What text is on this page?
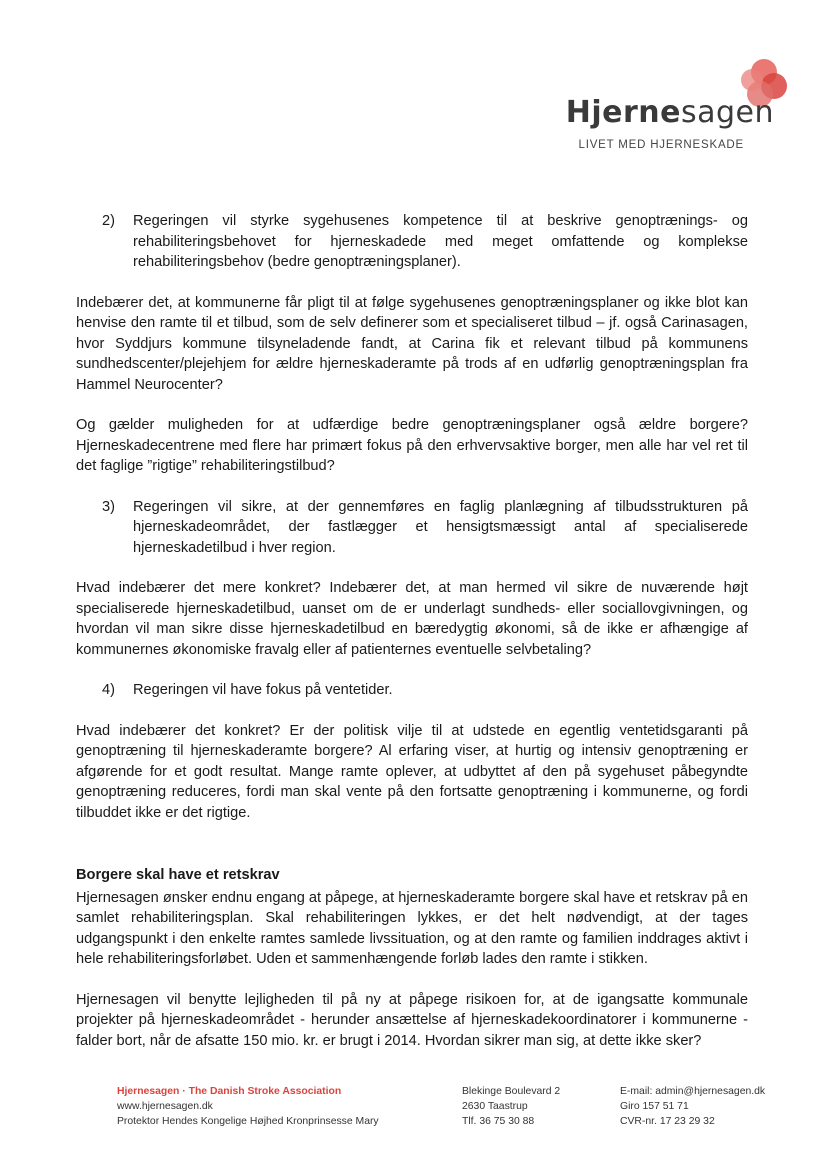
Hjernesagen
LIVET MED HJERNESKADE
2)	Regeringen vil styrke sygehusenes kompetence til at beskrive genoptrænings- og rehabiliteringsbehovet for hjerneskadede med meget omfattende og komplekse rehabiliteringsbehov (bedre genoptræningsplaner).

Indebærer det, at kommunerne får pligt til at følge sygehusenes genoptræningsplaner og ikke blot kan henvise den ramte til et tilbud, som de selv definerer som et specialiseret tilbud – jf. også Carinasagen, hvor Syddjurs kommune tilsyneladende fandt, at Carina fik et relevant tilbud på kommunens sundhedscenter/plejehjem for ældre hjerneskaderamte på trods af en udførlig genoptræningsplan fra Hammel Neurocenter?

Og gælder muligheden for at udfærdige bedre genoptræningsplaner også ældre borgere? Hjerneskadecentrene med flere har primært fokus på den erhvervsaktive borger, men alle har vel ret til det faglige ”rigtige” rehabiliteringstilbud?

3)	Regeringen vil sikre, at der gennemføres en faglig planlægning af tilbudsstrukturen på hjerneskadeområdet, der fastlægger et hensigtsmæssigt antal af specialiserede hjerneskadetilbud i hver region.

Hvad indebærer det mere konkret? Indebærer det, at man hermed vil sikre de nuværende højt specialiserede hjerneskadetilbud, uanset om de er underlagt sundheds- eller sociallovgivningen, og hvordan vil man sikre disse hjerneskadetilbud en bæredygtig økonomi, så de ikke er afhængige af kommunernes økonomiske fravalg eller af patienternes eventuelle selvbetaling?

4)	Regeringen vil have fokus på ventetider.

Hvad indebærer det konkret? Er der politisk vilje til at udstede en egentlig ventetidsgaranti på genoptræning til hjerneskaderamte borgere? Al erfaring viser, at hurtig og intensiv genoptræning er afgørende for et godt resultat. Mange ramte oplever, at udbyttet af den på sygehuset påbegyndte genoptræning reduceres, fordi man skal vente på den fortsatte genoptræning i kommunerne, og fordi tilbuddet ikke er det rigtige.

Borgere skal have et retskrav

Hjernesagen ønsker endnu engang at påpege, at hjerneskaderamte borgere skal have et retskrav på en samlet rehabiliteringsplan. Skal rehabiliteringen lykkes, er det helt nødvendigt, at der tages udgangspunkt i den enkelte ramtes samlede livssituation, og at den ramte og familien inddrages aktivt i hele rehabiliteringsforløbet. Uden et sammenhængende forløb lades den ramte i stikken.

Hjernesagen vil benytte lejligheden til på ny at påpege risikoen for, at de igangsatte kommunale projekter på hjerneskadeområdet - herunder ansættelse af hjerneskadekoordinatorer i kommunerne - falder bort, når de afsatte 150 mio. kr. er brugt i 2014. Hvordan sikrer man sig, at dette ikke sker?

Hjernesagen · The Danish Stroke Association
www.hjernesagen.dk
Protektor Hendes Kongelige Højhed Kronprinsesse Mary
Blekinge Boulevard 2
2630 Taastrup
Tlf. 36 75 30 88
E-mail: admin@hjernesagen.dk
Giro 157 51 71
CVR-nr. 17 23 29 32
